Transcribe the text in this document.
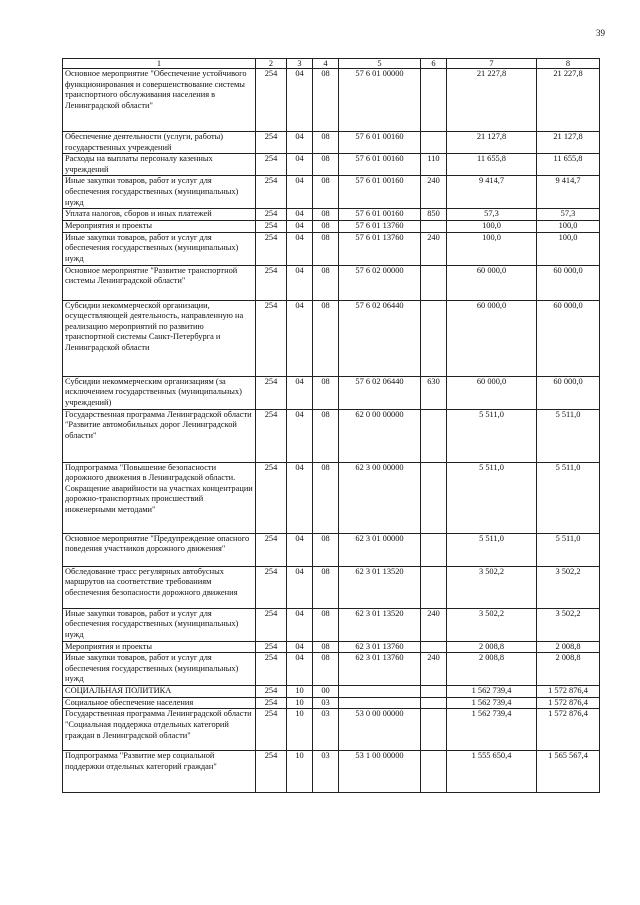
39
1	2	3	4	5	6	7	8
Основное мероприятие "Обеспечение устойчивого функционирования и совершенствование системы транспортного обслуживания населения в Ленинградской области"	254	04	08	57 6 01 00000		21 227,8	21 227,8
Обеспечение деятельности (услуги, работы) государственных учреждений	254	04	08	57 6 01 00160		21 127,8	21 127,8
Расходы на выплаты персоналу казенных учреждений	254	04	08	57 6 01 00160	110	11 655,8	11 655,8
Иные закупки товаров, работ и услуг для обеспечения государственных (муниципальных) нужд	254	04	08	57 6 01 00160	240	9 414,7	9 414,7
Уплата налогов, сборов и иных платежей	254	04	08	57 6 01 00160	850	57,3	57,3
Мероприятия и проекты	254	04	08	57 6 01 13760		100,0	100,0
Иные закупки товаров, работ и услуг для обеспечения государственных (муниципальных) нужд	254	04	08	57 6 01 13760	240	100,0	100,0
Основное мероприятие "Развитие транспортной системы Ленинградской области"	254	04	08	57 6 02 00000		60 000,0	60 000,0
Субсидии некоммерческой организации, осуществляющей деятельность, направленную на реализацию мероприятий по развитию транспортной системы Санкт-Петербурга и Ленинградской области	254	04	08	57 6 02 06440		60 000,0	60 000,0
Субсидии некоммерческим организациям (за исключением государственных (муниципальных) учреждений)	254	04	08	57 6 02 06440	630	60 000,0	60 000,0
Государственная программа Ленинградской области "Развитие автомобильных дорог Ленинградской области"	254	04	08	62 0 00 00000		5 511,0	5 511,0
Подпрограмма "Повышение безопасности дорожного движения в Ленинградской области. Сокращение аварийности на участках концентрации дорожно-транспортных происшествий инженерными методами"	254	04	08	62 3 00 00000		5 511,0	5 511,0
Основное мероприятие "Предупреждение опасного поведения участников дорожного движения"	254	04	08	62 3 01 00000		5 511,0	5 511,0
Обследование трасс регулярных автобусных маршрутов на соответствие требованиям обеспечения безопасности дорожного движения	254	04	08	62 3 01 13520		3 502,2	3 502,2
Иные закупки товаров, работ и услуг для обеспечения государственных (муниципальных) нужд	254	04	08	62 3 01 13520	240	3 502,2	3 502,2
Мероприятия и проекты	254	04	08	62 3 01 13760		2 008,8	2 008,8
Иные закупки товаров, работ и услуг для обеспечения государственных (муниципальных) нужд	254	04	08	62 3 01 13760	240	2 008,8	2 008,8
СОЦИАЛЬНАЯ ПОЛИТИКА	254	10	00			1 562 739,4	1 572 876,4
Социальное обеспечение населения	254	10	03			1 562 739,4	1 572 876,4
Государственная программа Ленинградской области "Социальная поддержка отдельных категорий граждан в Ленинградской области"	254	10	03	53 0 00 00000		1 562 739,4	1 572 876,4
Подпрограмма "Развитие мер социальной поддержки отдельных категорий граждан"	254	10	03	53 1 00 00000		1 555 650,4	1 565 567,4
